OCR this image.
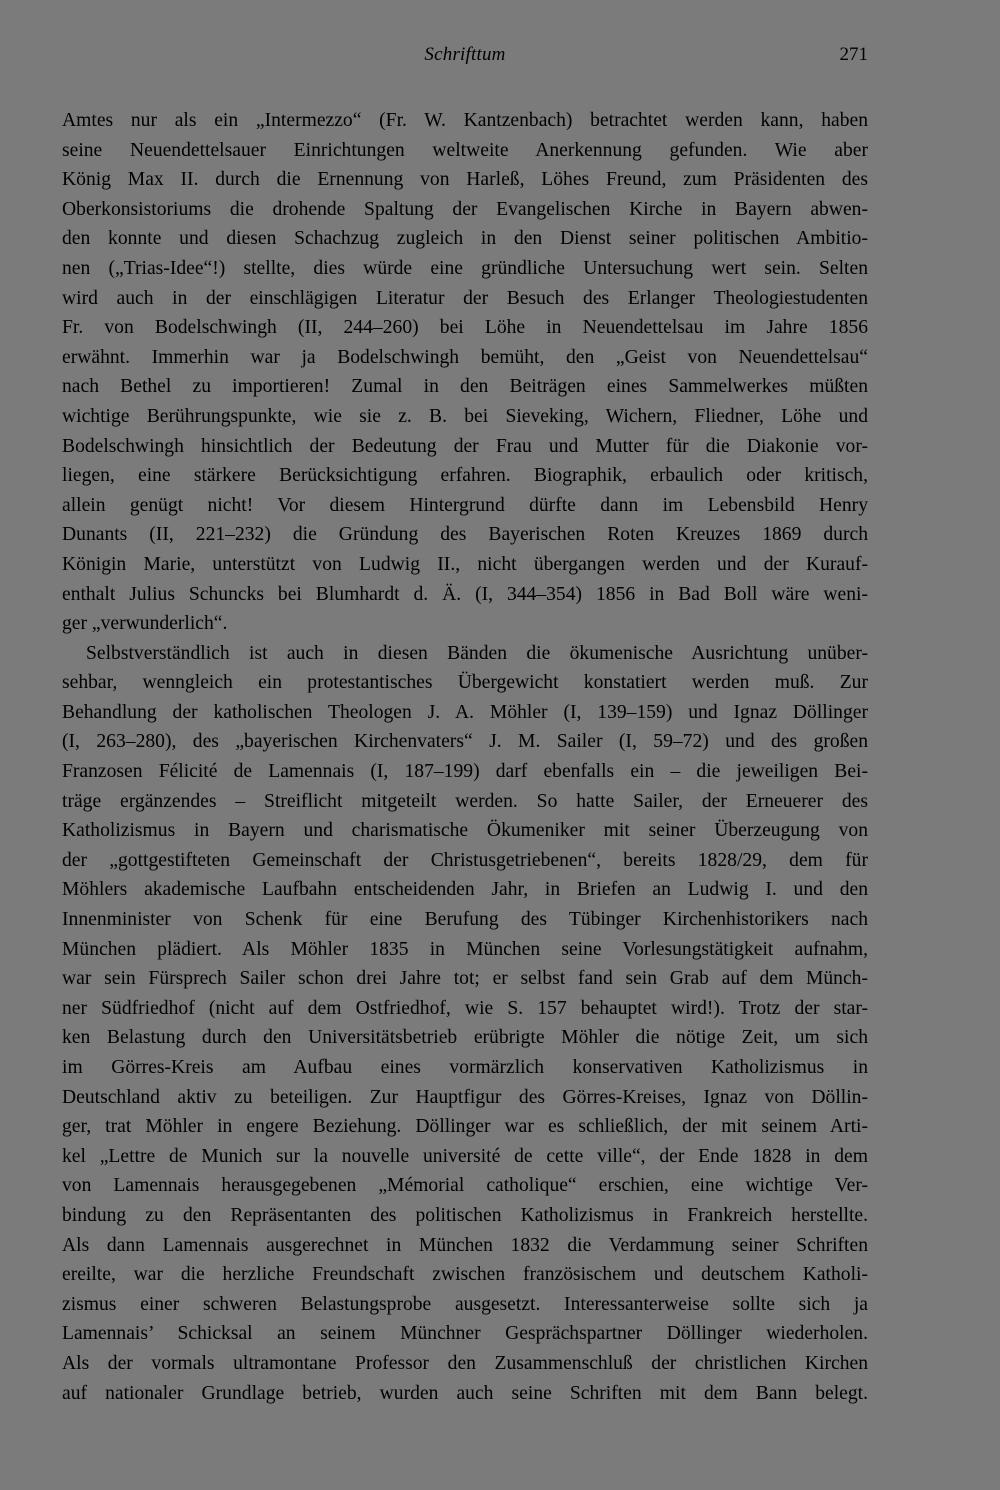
Schrifttum	271
Amtes nur als ein „Intermezzo“ (Fr. W. Kantzenbach) betrachtet werden kann, haben
seine Neuendettelsauer Einrichtungen weltweite Anerkennung gefunden. Wie aber
König Max II. durch die Ernennung von Harleß, Löhes Freund, zum Präsidenten des
Oberkonsistoriums die drohende Spaltung der Evangelischen Kirche in Bayern abwen-
den konnte und diesen Schachzug zugleich in den Dienst seiner politischen Ambitio-
nen („Trias-Idee“!) stellte, dies würde eine gründliche Untersuchung wert sein. Selten
wird auch in der einschlägigen Literatur der Besuch des Erlanger Theologiestudenten
Fr. von Bodelschwingh (II, 244–260) bei Löhe in Neuendettelsau im Jahre 1856
erwähnt. Immerhin war ja Bodelschwingh bemüht, den „Geist von Neuendettelsau“
nach Bethel zu importieren! Zumal in den Beiträgen eines Sammelwerkes müßten
wichtige Berührungspunkte, wie sie z. B. bei Sieveking, Wichern, Fliedner, Löhe und
Bodelschwingh hinsichtlich der Bedeutung der Frau und Mutter für die Diakonie vor-
liegen, eine stärkere Berücksichtigung erfahren. Biographik, erbaulich oder kritisch,
allein genügt nicht! Vor diesem Hintergrund dürfte dann im Lebensbild Henry
Dunants (II, 221–232) die Gründung des Bayerischen Roten Kreuzes 1869 durch
Königin Marie, unterstützt von Ludwig II., nicht übergangen werden und der Kurauf-
enthalt Julius Schuncks bei Blumhardt d. Ä. (I, 344–354) 1856 in Bad Boll wäre weni-
ger „verwunderlich“.
Selbstverständlich ist auch in diesen Bänden die ökumenische Ausrichtung unüber-
sehbar, wenngleich ein protestantisches Übergewicht konstatiert werden muß. Zur
Behandlung der katholischen Theologen J. A. Möhler (I, 139–159) und Ignaz Döllinger
(I, 263–280), des „bayerischen Kirchenvaters“ J. M. Sailer (I, 59–72) und des großen
Franzosen Félicité de Lamennais (I, 187–199) darf ebenfalls ein – die jeweiligen Bei-
träge ergänzendes – Streiflicht mitgeteilt werden. So hatte Sailer, der Erneuerer des
Katholizismus in Bayern und charismatische Ökumeniker mit seiner Überzeugung von
der „gottgestifteten Gemeinschaft der Christusgetriebenen“, bereits 1828/29, dem für
Möhlers akademische Laufbahn entscheidenden Jahr, in Briefen an Ludwig I. und den
Innenminister von Schenk für eine Berufung des Tübinger Kirchenhistorikers nach
München plädiert. Als Möhler 1835 in München seine Vorlesungstätigkeit aufnahm,
war sein Fürsprech Sailer schon drei Jahre tot; er selbst fand sein Grab auf dem Münch-
ner Südfriedhof (nicht auf dem Ostfriedhof, wie S. 157 behauptet wird!). Trotz der star-
ken Belastung durch den Universitätsbetrieb erübrigte Möhler die nötige Zeit, um sich
im Görres-Kreis am Aufbau eines vormärzlich konservativen Katholizismus in
Deutschland aktiv zu beteiligen. Zur Hauptfigur des Görres-Kreises, Ignaz von Döllin-
ger, trat Möhler in engere Beziehung. Döllinger war es schließlich, der mit seinem Arti-
kel „Lettre de Munich sur la nouvelle université de cette ville“, der Ende 1828 in dem
von Lamennais herausgegebenen „Mémorial catholique“ erschien, eine wichtige Ver-
bindung zu den Repräsentanten des politischen Katholizismus in Frankreich herstellte.
Als dann Lamennais ausgerechnet in München 1832 die Verdammung seiner Schriften
ereilte, war die herzliche Freundschaft zwischen französischem und deutschem Katholi-
zismus einer schweren Belastungsprobe ausgesetzt. Interessanterweise sollte sich ja
Lamennais’ Schicksal an seinem Münchner Gesprächspartner Döllinger wiederholen.
Als der vormals ultramontane Professor den Zusammenschluß der christlichen Kirchen
auf nationaler Grundlage betrieb, wurden auch seine Schriften mit dem Bann belegt.
